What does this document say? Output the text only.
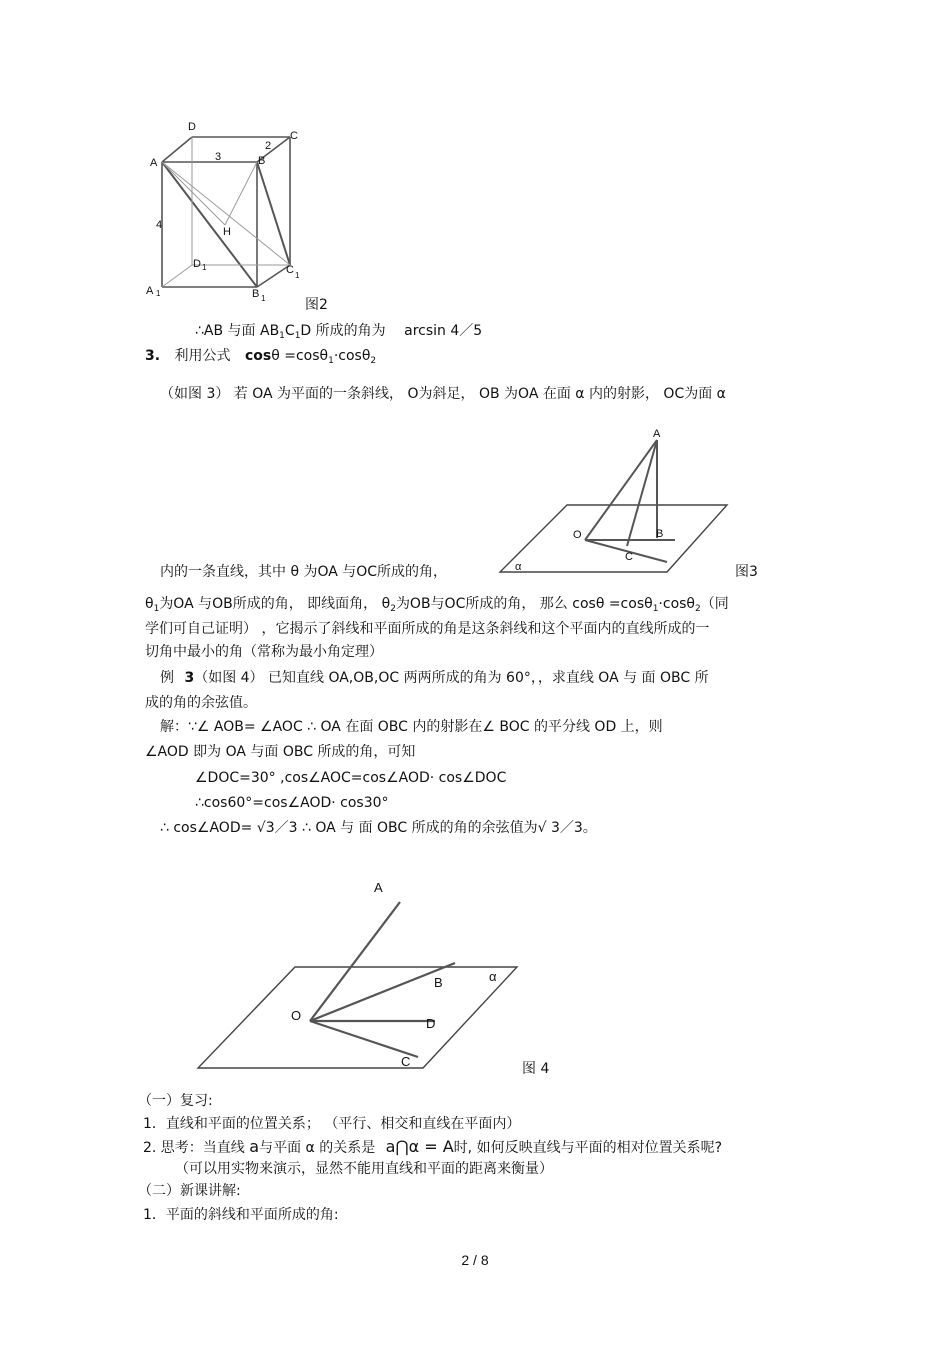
D
C
2
A	3	B
4
H
D 1	C 1
A 1	B 1	图2
∴AB 与面 $AB_1C_1D$ 所成的角为 arcsin 4／5
3. 利用公式 cosθ =cosθ$_1$·cosθ$_2$
（如图 3） 若 OA 为平面的一条斜线， O为斜足， OB 为OA 在面 α 内的射影， OC为面 α
A
O	B
C
α
内的一条直线，其中 θ 为OA 与OC所成的角，	图3
$\theta_1$为OA 与OB所成的角， 即线面角， $\theta_2$为OB与OC所成的角， 那么 cosθ =cosθ$_1$·cosθ$_2$（同
学们可自己证明） ，它揭示了斜线和平面所成的角是这条斜线和这个平面内的直线所成的一
切角中最小的角（常称为最小角定理）
例 3（如图 4） 已知直线 OA,OB,OC 两两所成的角为 60°，，求直线 OA 与 面 OBC 所
成的角的余弦值。
解：∵∠ AOB= ∠AOC ∴ OA 在面 OBC 内的射影在∠ BOC 的平分线 OD 上，则
∠AOD 即为 OA 与面 OBC 所成的角，可知
∠DOC=30° ,cos∠AOC=cos∠AOD· cos∠DOC
∴cos60°=cos∠AOD· cos30°
∴ cos∠AOD= √3／3 ∴ OA 与 面 OBC 所成的角的余弦值为√ 3／3。
A
B	α
O
D
C	图 4
（一）复习:
1．直线和平面的位置关系； （平行、相交和直线在平面内）
2. 思考：当直线 a与平面 α 的关系是 a⋂α = A时, 如何反映直线与平面的相对位置关系呢?
（可以用实物来演示，显然不能用直线和平面的距离来衡量）
（二）新课讲解:
1．平面的斜线和平面所成的角:
2 / 8
